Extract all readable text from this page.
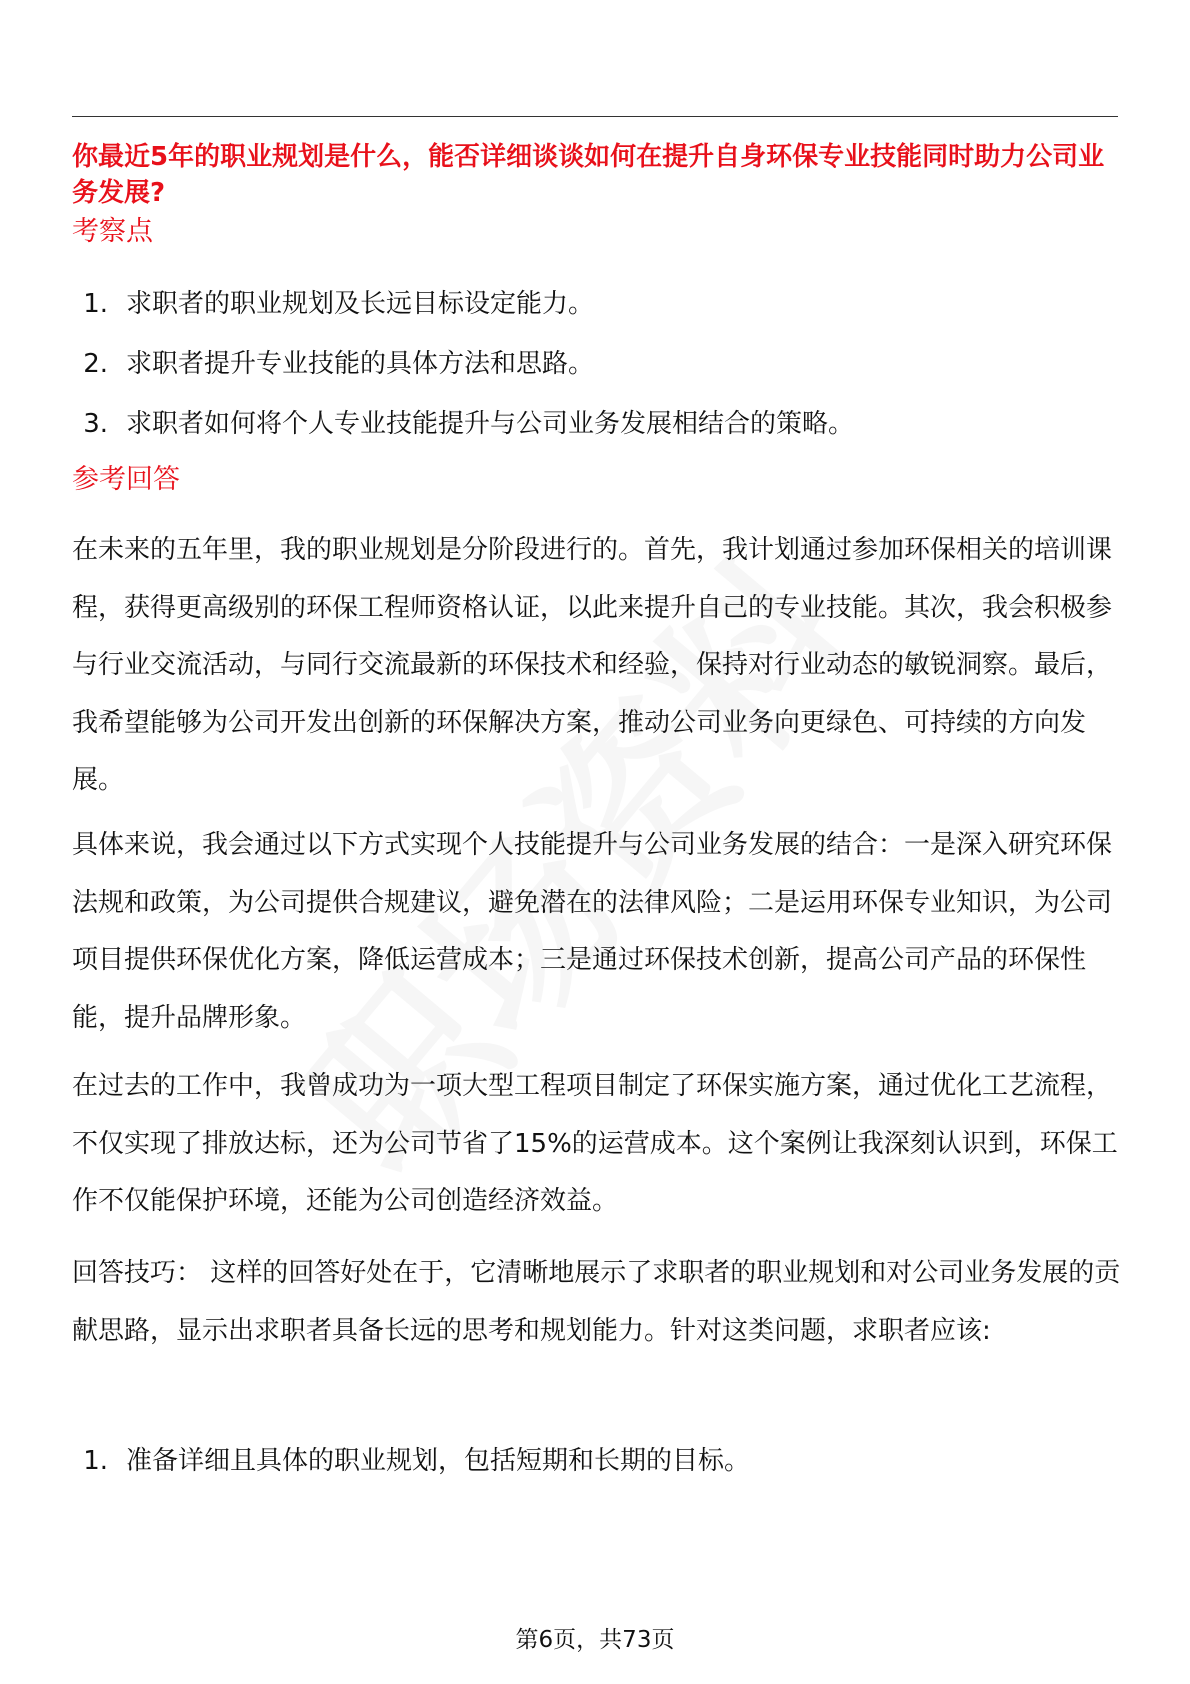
你最近5年的职业规划是什么，能否详细谈谈如何在提升自身环保专业技能同时助力公司业务发展?
考察点
1. 求职者的职业规划及长远目标设定能力。
2. 求职者提升专业技能的具体方法和思路。
3. 求职者如何将个人专业技能提升与公司业务发展相结合的策略。
参考回答

在未来的五年里，我的职业规划是分阶段进行的。首先，我计划通过参加环保相关的培训课程，获得更高级别的环保工程师资格认证，以此来提升自己的专业技能。其次，我会积极参与行业交流活动，与同行交流最新的环保技术和经验，保持对行业动态的敏锐洞察。最后，我希望能够为公司开发出创新的环保解决方案，推动公司业务向更绿色、可持续的方向发展。

具体来说，我会通过以下方式实现个人技能提升与公司业务发展的结合：一是深入研究环保法规和政策，为公司提供合规建议，避免潜在的法律风险；二是运用环保专业知识，为公司项目提供环保优化方案，降低运营成本；三是通过环保技术创新，提高公司产品的环保性能，提升品牌形象。

在过去的工作中，我曾成功为一项大型工程项目制定了环保实施方案，通过优化工艺流程，不仅实现了排放达标，还为公司节省了15%的运营成本。这个案例让我深刻认识到，环保工作不仅能保护环境，还能为公司创造经济效益。

回答技巧： 这样的回答好处在于，它清晰地展示了求职者的职业规划和对公司业务发展的贡献思路，显示出求职者具备长远的思考和规划能力。针对这类问题，求职者应该:

1. 准备详细且具体的职业规划，包括短期和长期的目标。
第6页，共73页
